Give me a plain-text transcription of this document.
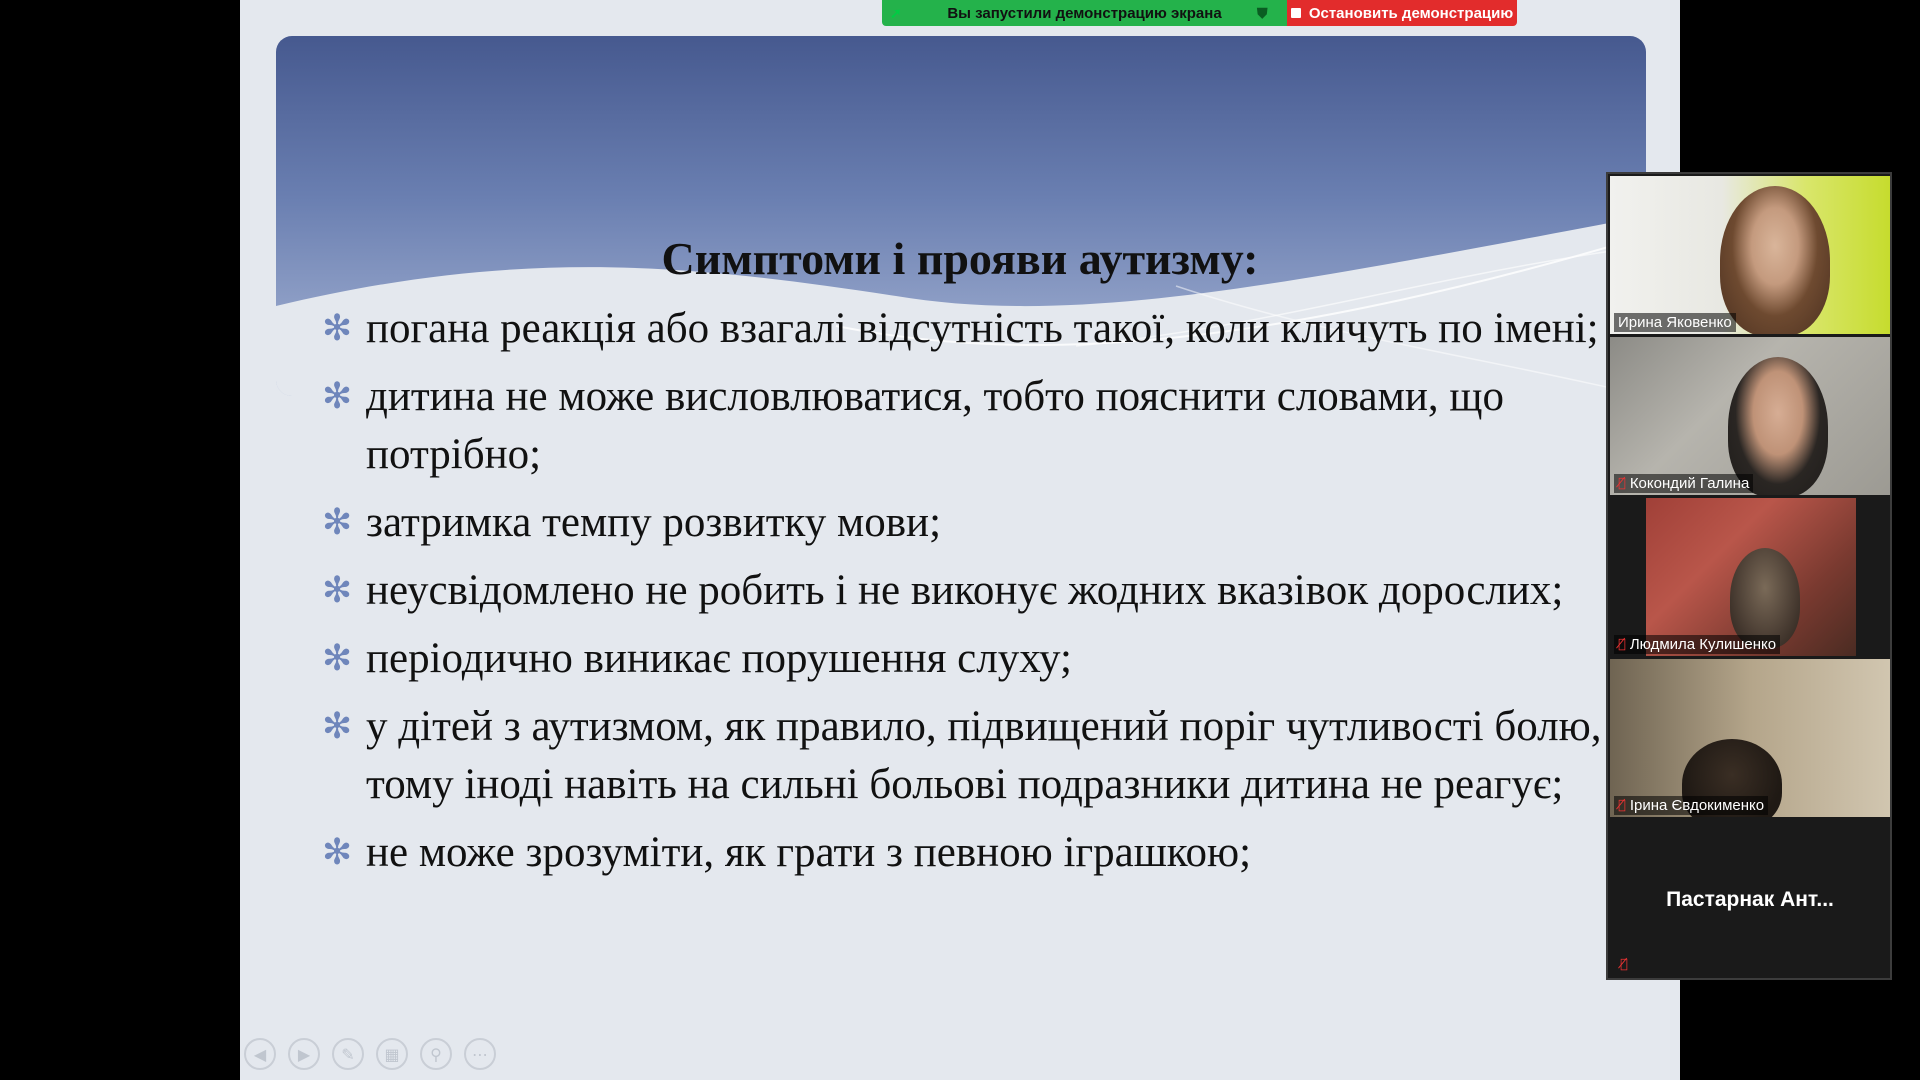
Симптоми і прояви аутизму:
✻ погана реакція або взагалі відсутність такої, коли кличуть по імені;
✻ дитина не може висловлюватися, тобто пояснити словами, що потрібно;
✻ затримка темпу розвитку мови;
✻ неусвідомлено не робить і не виконує жодних вказівок дорослих;
✻ періодично виникає порушення слуху;
✻ у дітей з аутизмом, як правило, підвищений поріг чутливості болю, тому іноді навіть на сильні больові подразники дитина не реагує;
✻ не може зрозуміти, як грати з певною іграшкою;
◀	▶	✎	▦	⚲	⋯
➚	Вы запустили демонстрацию экрана	⛊	Остановить демонстрацию
Ирина Яковенко
🎙̸ Кокондий Галина
🎙̸ Людмила Кулишенко
🎙̸ Ірина Євдокименко
Пастарнак Ант...
🎙̸
